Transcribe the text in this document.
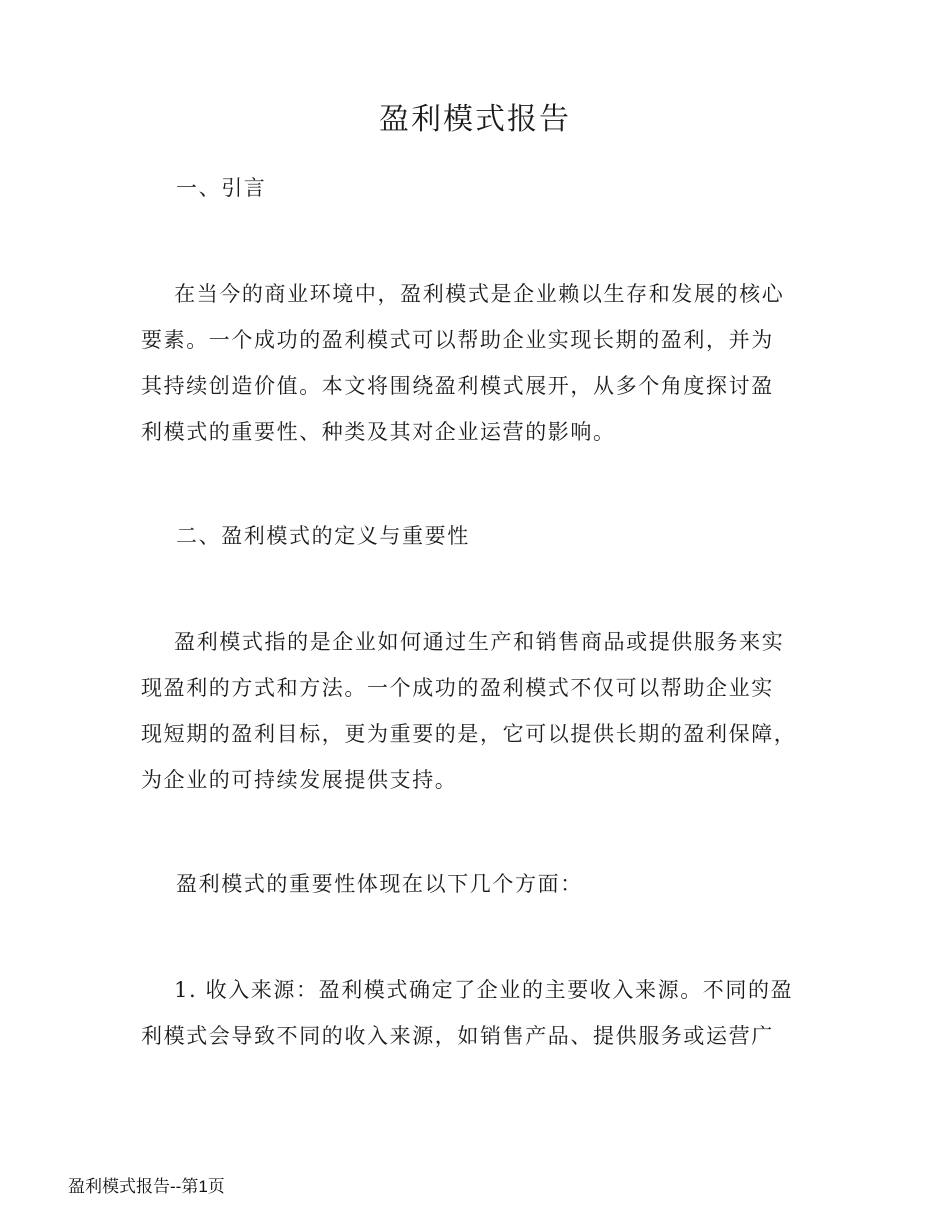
盈利模式报告

一、引言

在当今的商业环境中，盈利模式是企业赖以生存和发展的核心

要素。一个成功的盈利模式可以帮助企业实现长期的盈利，并为

其持续创造价值。本文将围绕盈利模式展开，从多个角度探讨盈

利模式的重要性、种类及其对企业运营的影响。

二、盈利模式的定义与重要性

盈利模式指的是企业如何通过生产和销售商品或提供服务来实

现盈利的方式和方法。一个成功的盈利模式不仅可以帮助企业实

现短期的盈利目标，更为重要的是，它可以提供长期的盈利保障，

为企业的可持续发展提供支持。

盈利模式的重要性体现在以下几个方面：

1. 收入来源：盈利模式确定了企业的主要收入来源。不同的盈

利模式会导致不同的收入来源，如销售产品、提供服务或运营广

盈利模式报告--第1页
